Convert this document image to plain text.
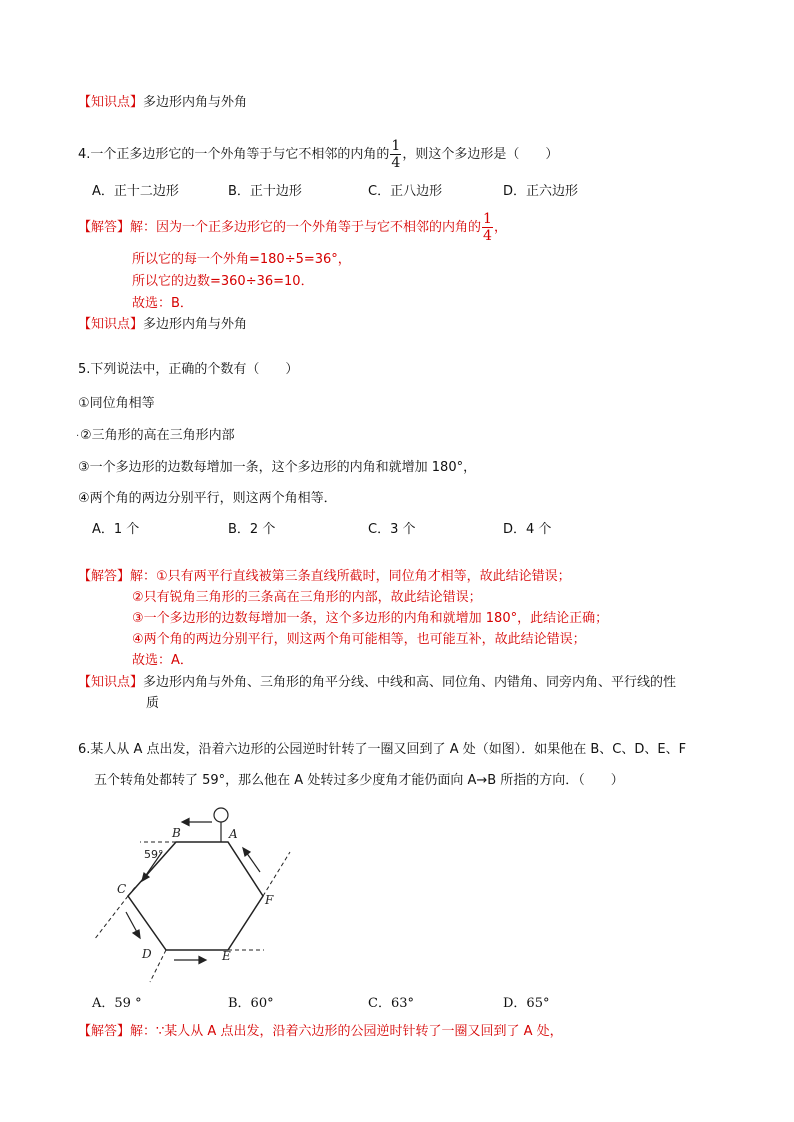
【知识点】多边形内角与外角
4.一个正多边形它的一个外角等于与它不相邻的内角的 $\frac{1}{4}$ ，则这个多边形是（　　）
A．正十二边形	B．正十边形	C．正八边形	D．正六边形
【解答】解：因为一个正多边形它的一个外角等于与它不相邻的内角的 $\frac{1}{4}$ ，
所以它的每一个外角=180÷5=36°，
所以它的边数=360÷36=10．
故选：B．
【知识点】多边形内角与外角
5.下列说法中，正确的个数有（　　）
①同位角相等
. ②三角形的高在三角形内部
③一个多边形的边数每增加一条，这个多边形的内角和就增加 180°，
④两个角的两边分别平行，则这两个角相等．
A．1 个	B．2 个	C．3 个	D．4 个
【解答】解：①只有两平行直线被第三条直线所截时，同位角才相等，故此结论错误；
②只有锐角三角形的三条高在三角形的内部，故此结论错误；
③一个多边形的边数每增加一条，这个多边形的内角和就增加 180°，此结论正确；
④两个角的两边分别平行，则这两个角可能相等，也可能互补，故此结论错误；
故选：A．
【知识点】多边形内角与外角、三角形的角平分线、中线和高、同位角、内错角、同旁内角、平行线的性
质
6.某人从 A 点出发，沿着六边形的公园逆时针转了一圈又回到了 A 处（如图）．如果他在 B、C、D、E、F
五个转角处都转了 59°，那么他在 A 处转过多少度角才能仍面向 A→B 所指的方向．（　　）
A
B
C
D	E
F
59°
A．59 °	B．60°	C．63°	D．65°
【解答】解：∵某人从 A 点出发，沿着六边形的公园逆时针转了一圈又回到了 A 处，
